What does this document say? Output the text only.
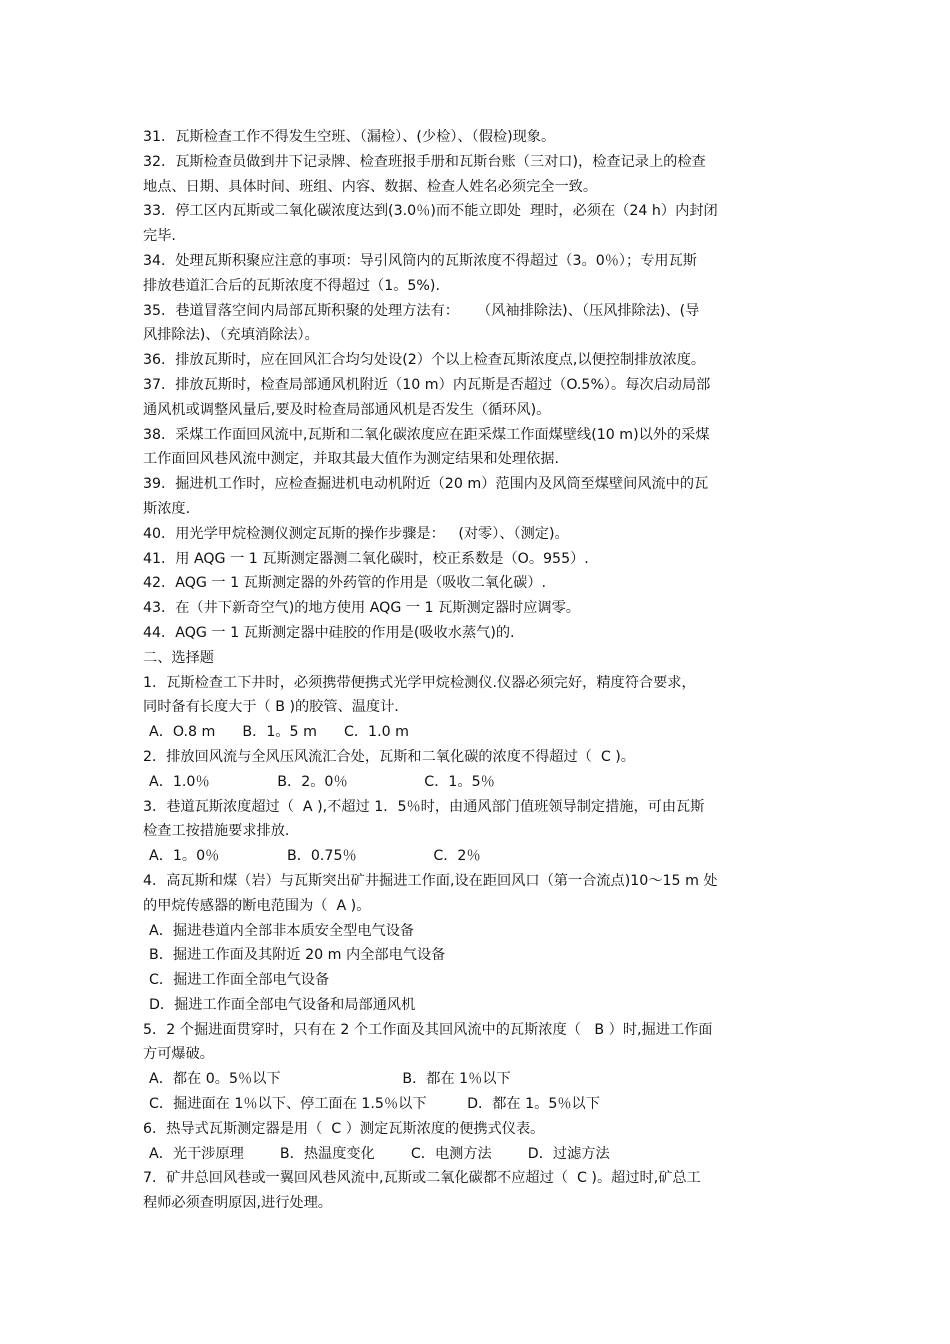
31．瓦斯检查工作不得发生空班、（漏检）、(少检）、（假检)现象。
32．瓦斯检查员做到井下记录牌、检查班报手册和瓦斯台账（三对口)，检查记录上的检查
地点、日期、具体时间、班组、内容、数据、检查人姓名必须完全一致。
33．停工区内瓦斯或二氧化碳浓度达到(3.0％)而不能立即处  理时，必须在（24 h）内封闭
完毕.
34．处理瓦斯积聚应注意的事项：导引风筒内的瓦斯浓度不得超过（3。0％）；专用瓦斯
排放巷道汇合后的瓦斯浓度不得超过（1。5%).
35．巷道冒落空间内局部瓦斯积聚的处理方法有：    （风袖排除法)、（压风排除法)、(导
风排除法)、（充填消除法）。
36．排放瓦斯时，应在回风汇合均匀处设(2）个以上检查瓦斯浓度点,以便控制排放浓度。
37．排放瓦斯时，检查局部通风机附近（10 m）内瓦斯是否超过（O.5%）。每次启动局部
通风机或调整风量后,要及时检查局部通风机是否发生（循环风)。
38．采煤工作面回风流中,瓦斯和二氧化碳浓度应在距采煤工作面煤壁线(10 m)以外的采煤
工作面回风巷风流中测定，并取其最大值作为测定结果和处理依据.
39．掘进机工作时，应检查掘进机电动机附近（20 m）范围内及风筒至煤壁间风流中的瓦
斯浓度.
40．用光学甲烷检测仪测定瓦斯的操作步骤是：   (对零）、（测定)。
41．用 AQG 一 1 瓦斯测定器测二氧化碳时，校正系数是（O。955）.
42．AQG 一 1 瓦斯测定器的外药管的作用是（吸收二氧化碳）.
43．在（井下新奇空气)的地方使用 AQG 一 1 瓦斯测定器时应调零。
44．AQG 一 1 瓦斯测定器中硅胶的作用是(吸收水蒸气)的.
二、选择题
1．瓦斯检查工下井时，必须携带便携式光学甲烷检测仪.仪器必须完好，精度符合要求，
同时备有长度大于（ B )的胶管、温度计.
A．O.8 m      B．1。5 m      C．1.0 m
2．排放回风流与全风压风流汇合处，瓦斯和二氧化碳的浓度不得超过（  C )。
A．1.0％               B．2。0％                 C．1。5％
3．巷道瓦斯浓度超过（  A ),不超过 1．5％时，由通风部门值班领导制定措施，可由瓦斯
检查工按措施要求排放.
A．1。0％               B．0.75％                 C．2％
4．高瓦斯和煤（岩）与瓦斯突出矿井掘进工作面,设在距回风口（第一合流点)10～15 m 处
的甲烷传感器的断电范围为（  A )。
A．掘进巷道内全部非本质安全型电气设备
B．掘进工作面及其附近 20 m 内全部电气设备
C．掘进工作面全部电气设备
D．掘进工作面全部电气设备和局部通风机
5．2 个掘进面贯穿时，只有在 2 个工作面及其回风流中的瓦斯浓度（   B ）时,掘进工作面
方可爆破。
A．都在 0。5％以下                           B．都在 1％以下
C．掘进面在 1％以下、停工面在 1.5％以下         D．都在 1。5％以下
6．热导式瓦斯测定器是用（  C ）测定瓦斯浓度的便携式仪表。
A．光干涉原理        B．热温度变化        C．电测方法        D．过滤方法
7．矿井总回风巷或一翼回风巷风流中,瓦斯或二氧化碳都不应超过（  C )。超过时,矿总工
程师必须查明原因,进行处理。
